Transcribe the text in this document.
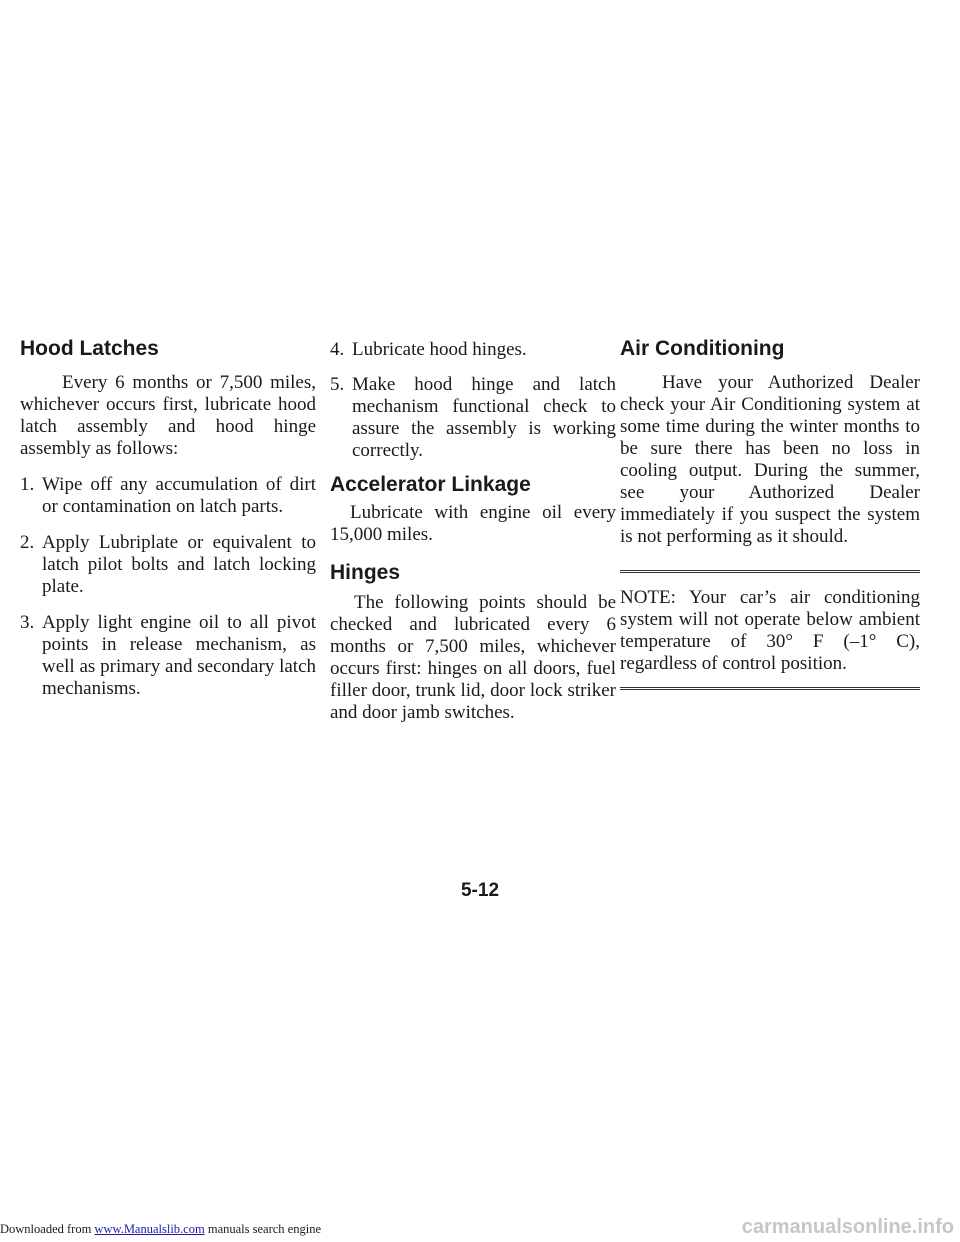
Hood Latches

Every 6 months or 7,500 miles, whichever occurs first, lubricate hood latch assembly and hood hinge assembly as follows:

1. Wipe off any accumulation of dirt or contamination on latch parts.
2. Apply Lubriplate or equivalent to latch pilot bolts and latch locking plate.
3. Apply light engine oil to all pivot points in release mechanism, as well as primary and secondary latch mechanisms.
4. Lubricate hood hinges.
5. Make hood hinge and latch mechanism functional check to assure the assembly is working correctly.
Accelerator Linkage

Lubricate with engine oil every 15,000 miles.

Hinges

The following points should be checked and lubricated every 6 months or 7,500 miles, whichever occurs first: hinges on all doors, fuel filler door, trunk lid, door lock striker and door jamb switches.

Air Conditioning

Have your Authorized Dealer check your Air Conditioning system at some time during the winter months to be sure there has been no loss in cooling output. During the summer, see your Authorized Dealer immediately if you suspect the system is not performing as it should.

NOTE: Your car’s air conditioning system will not operate below ambient temperature of 30° F (–1° C), regardless of control position.

5-12
Downloaded from www.Manualslib.com manuals search engine	carmanualsonline.info
